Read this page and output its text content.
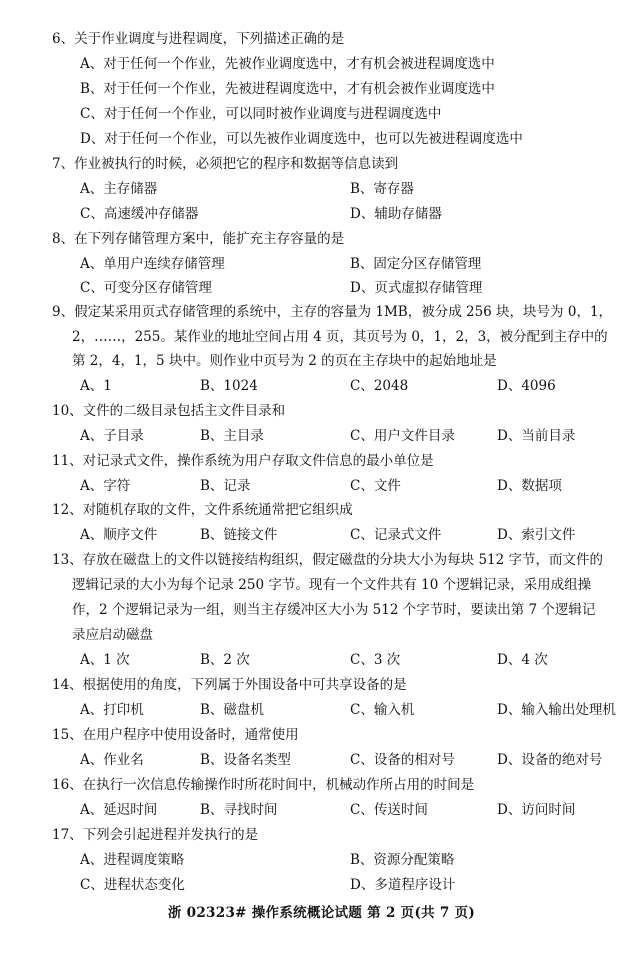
6、关于作业调度与进程调度，下列描述正确的是
A、对于任何一个作业，先被作业调度选中，才有机会被进程调度选中
B、对于任何一个作业，先被进程调度选中，才有机会被作业调度选中
C、对于任何一个作业，可以同时被作业调度与进程调度选中
D、对于任何一个作业，可以先被作业调度选中，也可以先被进程调度选中
7、作业被执行的时候，必须把它的程序和数据等信息读到
A、主存储器	B、寄存器
C、高速缓冲存储器	D、辅助存储器
8、在下列存储管理方案中，能扩充主存容量的是
A、单用户连续存储管理	B、固定分区存储管理
C、可变分区存储管理	D、页式虚拟存储管理
9、假定某采用页式存储管理的系统中，主存的容量为 1MB，被分成 256 块，块号为 0，1，
2，……，255。某作业的地址空间占用 4 页，其页号为 0，1，2，3，被分配到主存中的
第 2，4，1，5 块中。则作业中页号为 2 的页在主存块中的起始地址是
A、1	B、1024	C、2048	D、4096
10、文件的二级目录包括主文件目录和
A、子目录	B、主目录	C、用户文件目录	D、当前目录
11、对记录式文件，操作系统为用户存取文件信息的最小单位是
A、字符	B、记录	C、文件	D、数据项
12、对随机存取的文件，文件系统通常把它组织成
A、顺序文件	B、链接文件	C、记录式文件	D、索引文件
13、存放在磁盘上的文件以链接结构组织，假定磁盘的分块大小为每块 512 字节，而文件的
逻辑记录的大小为每个记录 250 字节。现有一个文件共有 10 个逻辑记录，采用成组操
作，2 个逻辑记录为一组，则当主存缓冲区大小为 512 个字节时，要读出第 7 个逻辑记
录应启动磁盘
A、1 次	B、2 次	C、3 次	D、4 次
14、根据使用的角度，下列属于外围设备中可共享设备的是
A、打印机	B、磁盘机	C、输入机	D、输入输出处理机
15、在用户程序中使用设备时，通常使用
A、作业名	B、设备名类型	C、设备的相对号	D、设备的绝对号
16、在执行一次信息传输操作时所花时间中，机械动作所占用的时间是
A、延迟时间	B、寻找时间	C、传送时间	D、访问时间
17、下列会引起进程并发执行的是
A、进程调度策略	B、资源分配策略
C、进程状态变化	D、多道程序设计
浙 02323# 操作系统概论试题 第 2 页(共 7 页)
